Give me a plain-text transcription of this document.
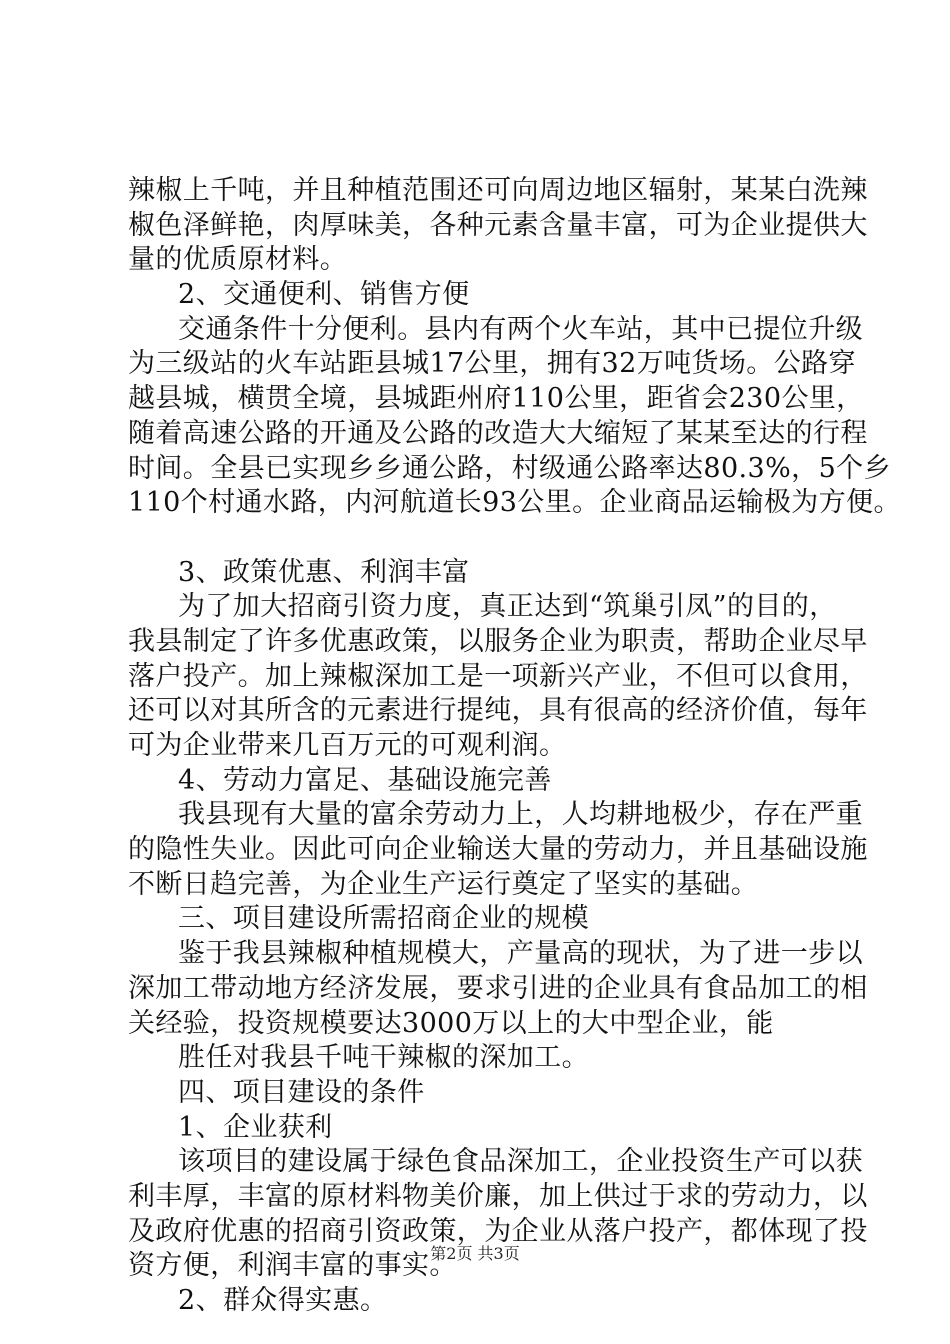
辣椒上千吨，并且种植范围还可向周边地区辐射，某某白洗辣
椒色泽鲜艳，肉厚味美，各种元素含量丰富，可为企业提供大
量的优质原材料。
2、交通便利、销售方便
交通条件十分便利。县内有两个火车站，其中已提位升级
为三级站的火车站距县城17公里，拥有32万吨货场。公路穿
越县城，横贯全境，县城距州府110公里，距省会230公里，
随着高速公路的开通及公路的改造大大缩短了某某至达的行程
时间。全县已实现乡乡通公路，村级通公路率达80.3%，5个乡
110个村通水路，内河航道长93公里。企业商品运输极为方便。
3、政策优惠、利润丰富
为了加大招商引资力度，真正达到“筑巢引凤”的目的，
我县制定了许多优惠政策，以服务企业为职责，帮助企业尽早
落户投产。加上辣椒深加工是一项新兴产业，不但可以食用，
还可以对其所含的元素进行提纯，具有很高的经济价值，每年
可为企业带来几百万元的可观利润。
4、劳动力富足、基础设施完善
我县现有大量的富余劳动力上，人均耕地极少，存在严重
的隐性失业。因此可向企业输送大量的劳动力，并且基础设施
不断日趋完善，为企业生产运行奠定了坚实的基础。
三、项目建设所需招商企业的规模
鉴于我县辣椒种植规模大，产量高的现状，为了进一步以
深加工带动地方经济发展，要求引进的企业具有食品加工的相
关经验，投资规模要达3000万以上的大中型企业，能
胜任对我县千吨干辣椒的深加工。
四、项目建设的条件
1、企业获利
该项目的建设属于绿色食品深加工，企业投资生产可以获
利丰厚，丰富的原材料物美价廉，加上供过于求的劳动力，以
及政府优惠的招商引资政策，为企业从落户投产，都体现了投
资方便，利润丰富的事实。
2、群众得实惠。
第2页 共3页
